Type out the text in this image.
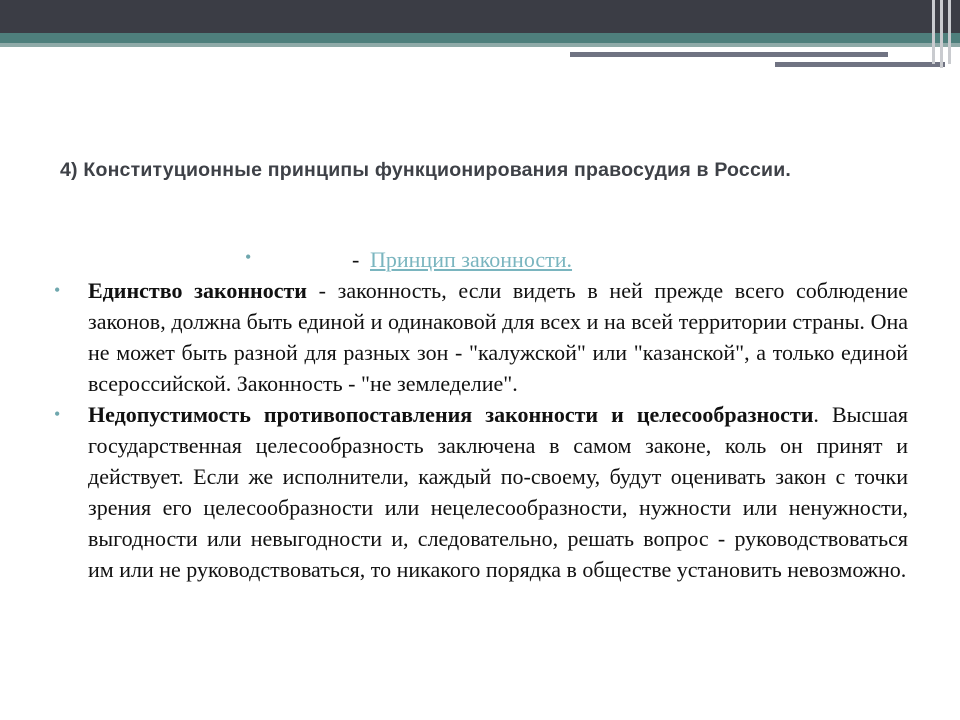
4) Конституционные принципы функционирования правосудия в России.
•	- Принцип законности.
• Единство законности - законность, если видеть в ней прежде всего соблюдение законов, должна быть единой и одинаковой для всех и на всей территории страны. Она не может быть разной для разных зон - "калужской" или "казанской", а только единой всероссийской. Законность - "не земледелие".
• Недопустимость противопоставления законности и целесообразности. Высшая государственная целесообразность заключена в самом законе, коль он принят и действует. Если же исполнители, каждый по-своему, будут оценивать закон с точки зрения его целесообразности или нецелесообразности, нужности или ненужности, выгодности или невыгодности и, следовательно, решать вопрос - руководствоваться им или не руководствоваться, то никакого порядка в обществе установить невозможно.
